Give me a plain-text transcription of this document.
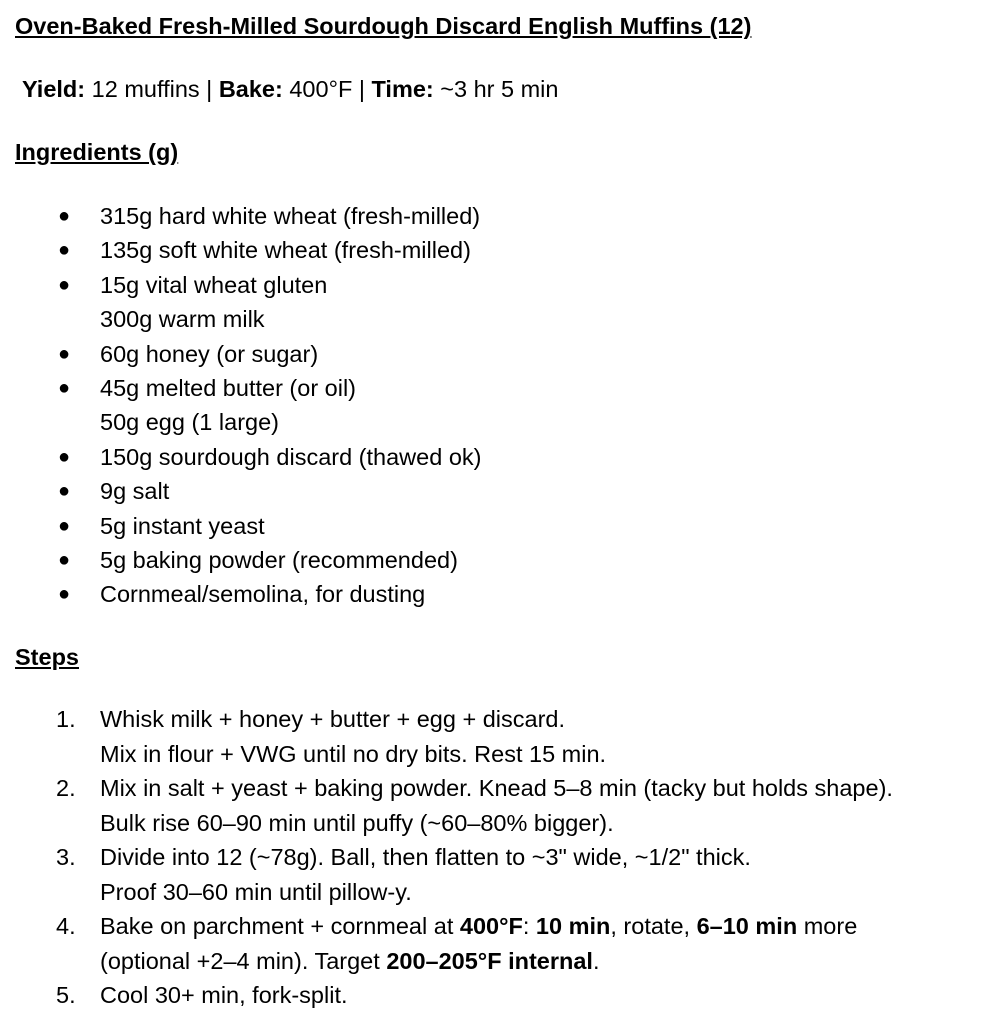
Oven-Baked Fresh-Milled Sourdough Discard English Muffins (12)

Yield: 12 muffins | Bake: 400°F | Time: ~3 hr 5 min

Ingredients (g)
● 315g hard white wheat (fresh-milled)
● 135g soft white wheat (fresh-milled)
● 15g vital wheat gluten
300g warm milk
● 60g honey (or sugar)
● 45g melted butter (or oil)
50g egg (1 large)
● 150g sourdough discard (thawed ok)
● 9g salt
● 5g instant yeast
● 5g baking powder (recommended)
● Cornmeal/semolina, for dusting
Steps
1. Whisk milk + honey + butter + egg + discard.
Mix in flour + VWG until no dry bits. Rest 15 min.
2. Mix in salt + yeast + baking powder. Knead 5–8 min (tacky but holds shape).
Bulk rise 60–90 min until puffy (~60–80% bigger).
3. Divide into 12 (~78g). Ball, then flatten to ~3" wide, ~1/2" thick.
Proof 30–60 min until pillow-y.
4. Bake on parchment + cornmeal at 400°F: 10 min, rotate, 6–10 min more
(optional +2–4 min). Target 200–205°F internal.
5. Cool 30+ min, fork-split.
